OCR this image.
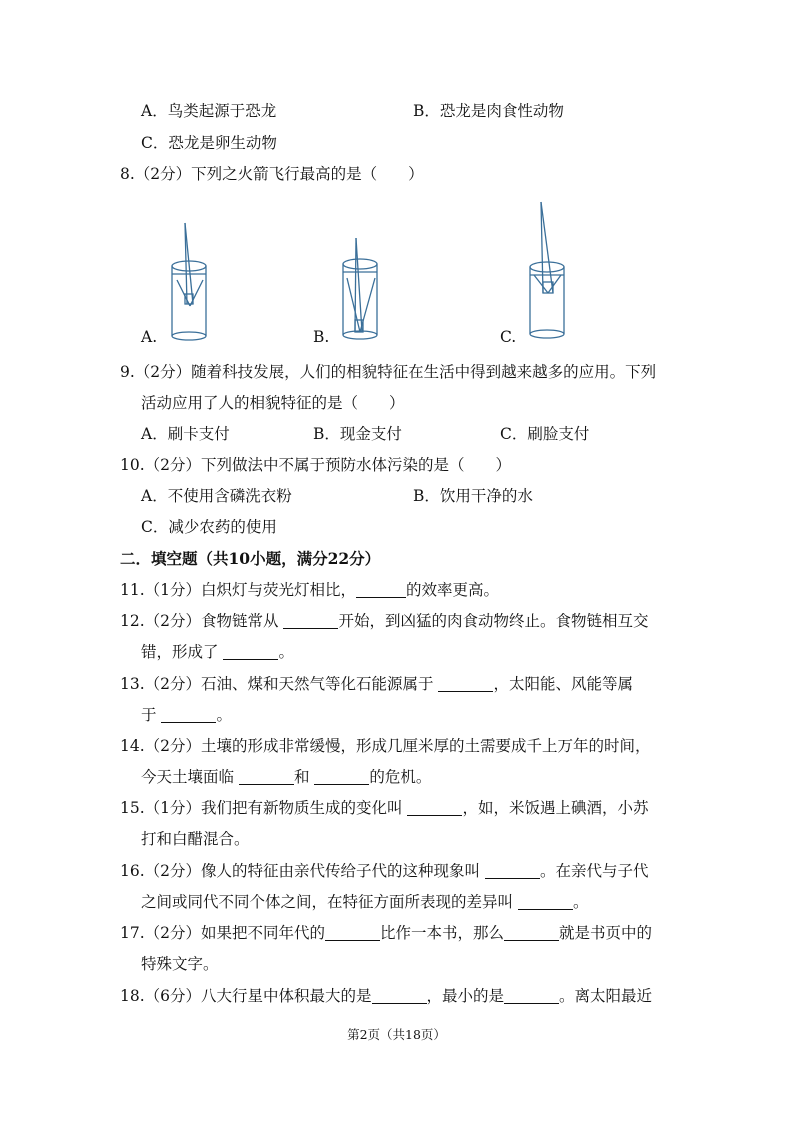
A．鸟类起源于恐龙	B．恐龙是肉食性动物
C．恐龙是卵生动物
8.（2分）下列之火箭飞行最高的是（　　）
A.	B.	C.
9.（2分）随着科技发展，人们的相貌特征在生活中得到越来越多的应用。下列
活动应用了人的相貌特征的是（　　）
A．刷卡支付	B．现金支付	C．刷脸支付
10.（2分）下列做法中不属于预防水体污染的是（　　）
A．不使用含磷洗衣粉	B．饮用干净的水
C．减少农药的使用
二．填空题（共10小题，满分22分）
11.（1分）白炽灯与荧光灯相比，	的效率更高。
12.（2分）食物链常从	开始，到凶猛的肉食动物终止。食物链相互交
错，形成了	。
13.（2分）石油、煤和天然气等化石能源属于	，太阳能、风能等属
于	。
14.（2分）土壤的形成非常缓慢，形成几厘米厚的土需要成千上万年的时间，
今天土壤面临	和	的危机。
15.（1分）我们把有新物质生成的变化叫	，如，米饭遇上碘酒，小苏
打和白醋混合。
16.（2分）像人的特征由亲代传给子代的这种现象叫	。在亲代与子代
之间或同代不同个体之间，在特征方面所表现的差异叫	。
17.（2分）如果把不同年代的	比作一本书，那么	就是书页中的
特殊文字。
18.（6分）八大行星中体积最大的是	，最小的是	。离太阳最近
第2页（共18页）
